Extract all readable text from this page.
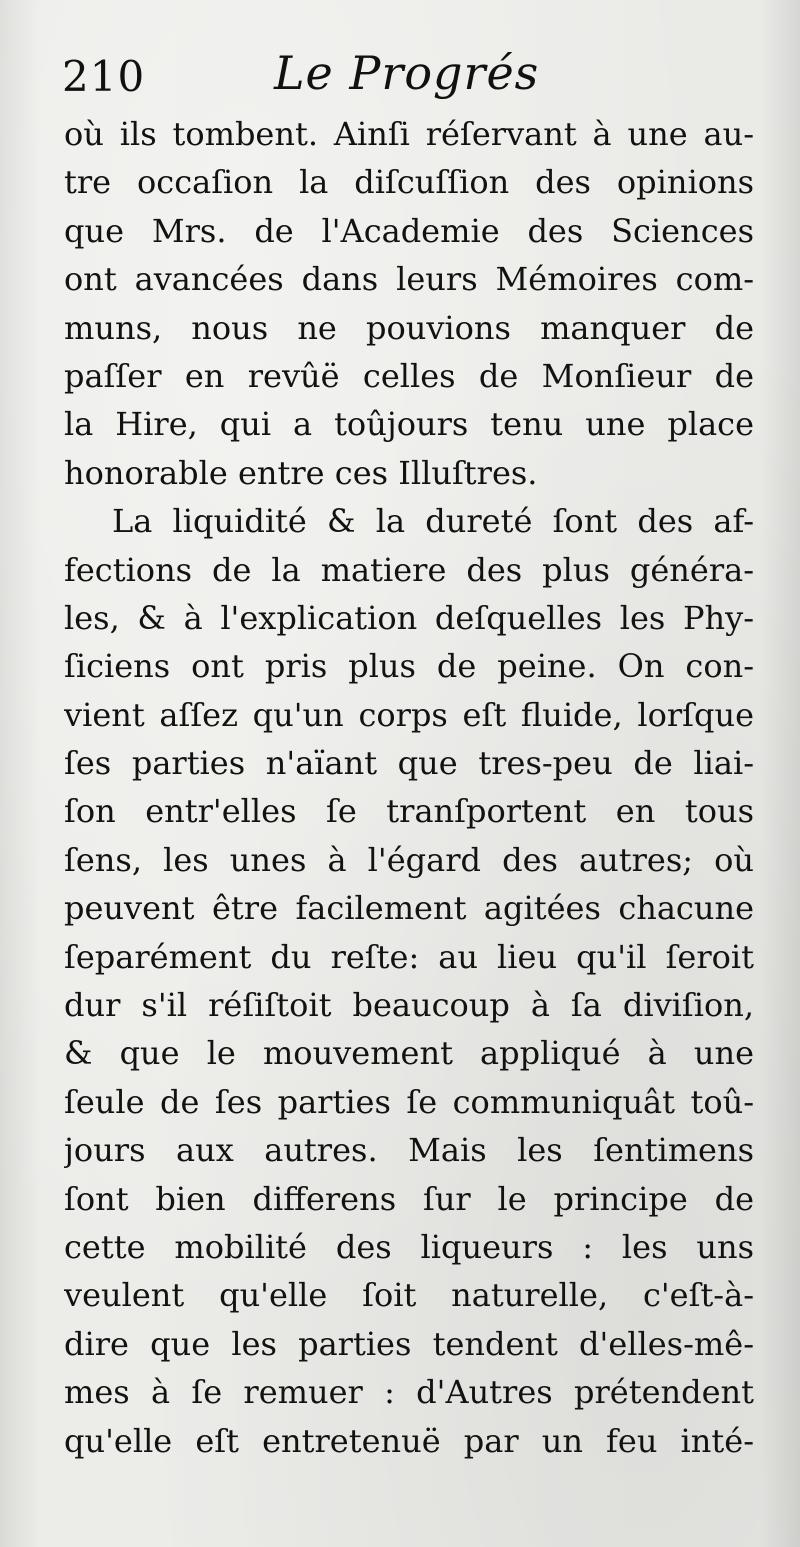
210	Le Progrés
où ils tombent. Ainſi réſervant à une au-
tre occaſion la diſcuſſion des opinions
que Mrs. de l'Academie des Sciences
ont avancées dans leurs Mémoires com-
muns, nous ne pouvions manquer de
paſſer en revûë celles de Monſieur de
la Hire, qui a toûjours tenu une place
honorable entre ces Illuſtres.
La liquidité & la dureté ſont des af-
fections de la matiere des plus généra-
les, & à l'explication deſquelles les Phy-
ſiciens ont pris plus de peine. On con-
vient aſſez qu'un corps eſt fluide, lorſque
ſes parties n'aïant que tres-peu de liai-
ſon entr'elles ſe tranſportent en tous
ſens, les unes à l'égard des autres; où
peuvent être facilement agitées chacune
ſeparément du reſte: au lieu qu'il ſeroit
dur s'il réſiſtoit beaucoup à ſa diviſion,
& que le mouvement appliqué à une
ſeule de ſes parties ſe communiquât toû-
jours aux autres. Mais les ſentimens
ſont bien differens ſur le principe de
cette mobilité des liqueurs : les uns
veulent qu'elle ſoit naturelle, c'eſt-à-
dire que les parties tendent d'elles-mê-
mes à ſe remuer : d'Autres prétendent
qu'elle eſt entretenuë par un feu inté-
